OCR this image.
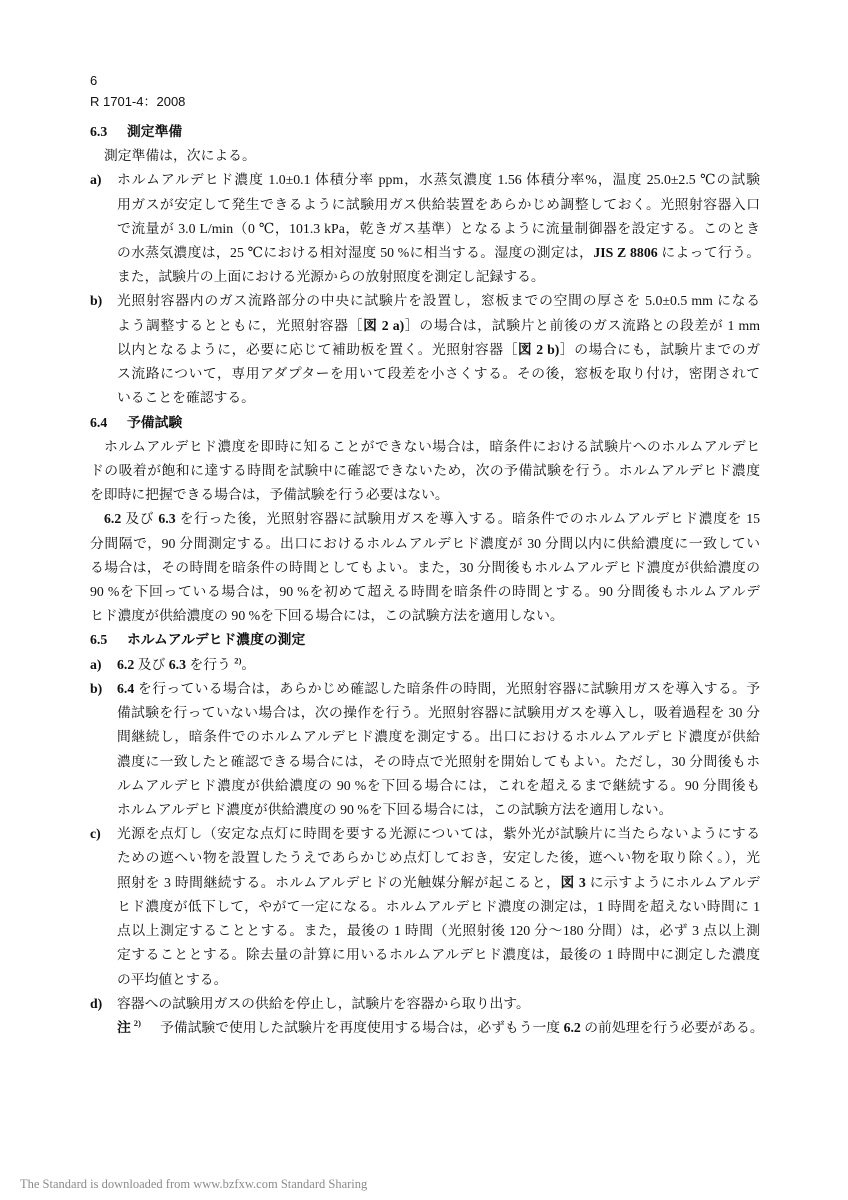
6
R 1701-4：2008
6.3 測定準備
測定準備は，次による。
a) ホルムアルデヒド濃度 1.0±0.1 体積分率 ppm，水蒸気濃度 1.56 体積分率%，温度 25.0±2.5 ℃の試験
用ガスが安定して発生できるように試験用ガス供給装置をあらかじめ調整しておく。光照射容器入口
で流量が 3.0 L/min（0 ℃，101.3 kPa，乾きガス基準）となるように流量制御器を設定する。このとき
の水蒸気濃度は，25 ℃における相対湿度 50 %に相当する。湿度の測定は，JIS Z 8806 によって行う。
また，試験片の上面における光源からの放射照度を測定し記録する。
b) 光照射容器内のガス流路部分の中央に試験片を設置し，窓板までの空間の厚さを 5.0±0.5 mm になる
よう調整するとともに，光照射容器［図 2 a)］の場合は，試験片と前後のガス流路との段差が 1 mm
以内となるように，必要に応じて補助板を置く。光照射容器［図 2 b)］の場合にも，試験片までのガ
ス流路について，専用アダプターを用いて段差を小さくする。その後，窓板を取り付け，密閉されて
いることを確認する。
6.4 予備試験
ホルムアルデヒド濃度を即時に知ることができない場合は，暗条件における試験片へのホルムアルデヒ
ドの吸着が飽和に達する時間を試験中に確認できないため，次の予備試験を行う。ホルムアルデヒド濃度
を即時に把握できる場合は，予備試験を行う必要はない。
6.2 及び 6.3 を行った後，光照射容器に試験用ガスを導入する。暗条件でのホルムアルデヒド濃度を 15
分間隔で，90 分間測定する。出口におけるホルムアルデヒド濃度が 30 分間以内に供給濃度に一致してい
る場合は，その時間を暗条件の時間としてもよい。また，30 分間後もホルムアルデヒド濃度が供給濃度の
90 %を下回っている場合は，90 %を初めて超える時間を暗条件の時間とする。90 分間後もホルムアルデ
ヒド濃度が供給濃度の 90 %を下回る場合には，この試験方法を適用しない。
6.5 ホルムアルデヒド濃度の測定
a) 6.2 及び 6.3 を行う $^{2)}$。
b) 6.4 を行っている場合は，あらかじめ確認した暗条件の時間，光照射容器に試験用ガスを導入する。予
備試験を行っていない場合は，次の操作を行う。光照射容器に試験用ガスを導入し，吸着過程を 30 分
間継続し，暗条件でのホルムアルデヒド濃度を測定する。出口におけるホルムアルデヒド濃度が供給
濃度に一致したと確認できる場合には，その時点で光照射を開始してもよい。ただし，30 分間後もホ
ルムアルデヒド濃度が供給濃度の 90 %を下回る場合には，これを超えるまで継続する。90 分間後も
ホルムアルデヒド濃度が供給濃度の 90 %を下回る場合には，この試験方法を適用しない。
c) 光源を点灯し（安定な点灯に時間を要する光源については，紫外光が試験片に当たらないようにする
ための遮へい物を設置したうえであらかじめ点灯しておき，安定した後，遮へい物を取り除く。），光
照射を 3 時間継続する。ホルムアルデヒドの光触媒分解が起こると，図 3 に示すようにホルムアルデ
ヒド濃度が低下して，やがて一定になる。ホルムアルデヒド濃度の測定は，1 時間を超えない時間に 1
点以上測定することとする。また，最後の 1 時間（光照射後 120 分～180 分間）は，必ず 3 点以上測
定することとする。除去量の計算に用いるホルムアルデヒド濃度は，最後の 1 時間中に測定した濃度
の平均値とする。
d) 容器への試験用ガスの供給を停止し，試験片を容器から取り出す。
注 $^{2)}$ 予備試験で使用した試験片を再度使用する場合は，必ずもう一度 6.2 の前処理を行う必要がある。
The Standard is downloaded from www.bzfxw.com Standard Sharing
